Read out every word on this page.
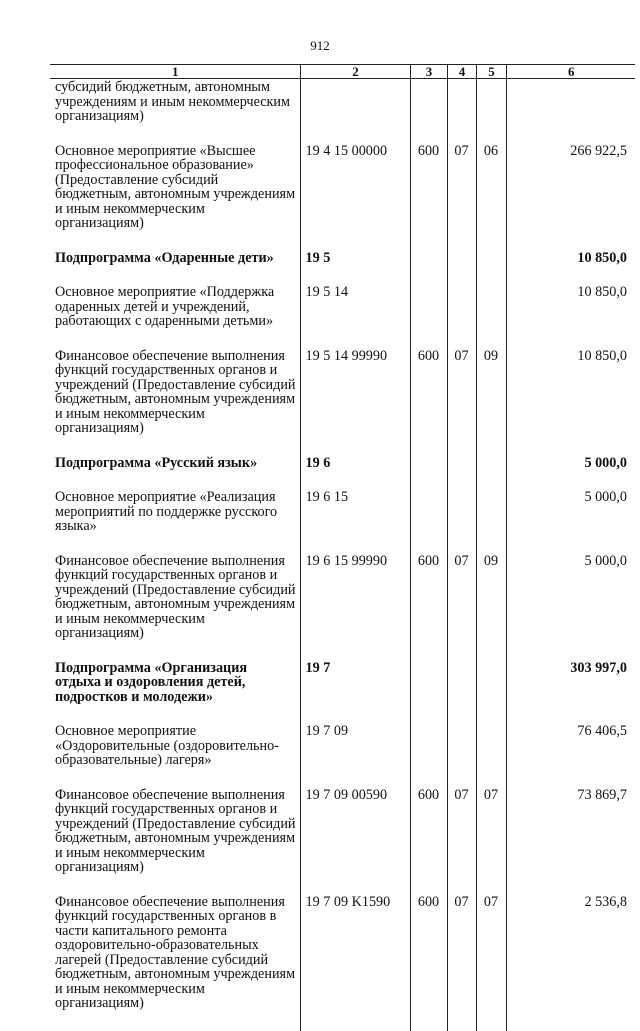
912
1	2	3	4	5	6
субсидий бюджетным, автономным учреждениям и иным некоммерческим организациям)					
Основное мероприятие «Высшее профессиональное образование» (Предоставление субсидий бюджетным, автономным учреждениям и иным некоммерческим организациям)	19 4 15 00000	600	07	06	266 922,5
Подпрограмма «Одаренные дети»	19 5				10 850,0
Основное мероприятие «Поддержка одаренных детей и учреждений, работающих с одаренными детьми»	19 5 14				10 850,0
Финансовое обеспечение выполнения функций государственных органов и учреждений (Предоставление субсидий бюджетным, автономным учреждениям и иным некоммерческим организациям)	19 5 14 99990	600	07	09	10 850,0
Подпрограмма «Русский язык»	19 6				5 000,0
Основное мероприятие «Реализация мероприятий по поддержке русского языка»	19 6 15				5 000,0
Финансовое обеспечение выполнения функций государственных органов и учреждений (Предоставление субсидий бюджетным, автономным учреждениям и иным некоммерческим организациям)	19 6 15 99990	600	07	09	5 000,0
Подпрограмма «Организация отдыха и оздоровления детей, подростков и молодежи»	19 7				303 997,0
Основное мероприятие «Оздоровительные (оздоровительно-образовательные) лагеря»	19 7 09				76 406,5
Финансовое обеспечение выполнения функций государственных органов и учреждений (Предоставление субсидий бюджетным, автономным учреждениям и иным некоммерческим организациям)	19 7 09 00590	600	07	07	73 869,7
Финансовое обеспечение выполнения функций государственных органов в части капитального ремонта оздоровительно-образовательных лагерей (Предоставление субсидий бюджетным, автономным учреждениям и иным некоммерческим организациям)	19 7 09 K1590	600	07	07	2 536,8
